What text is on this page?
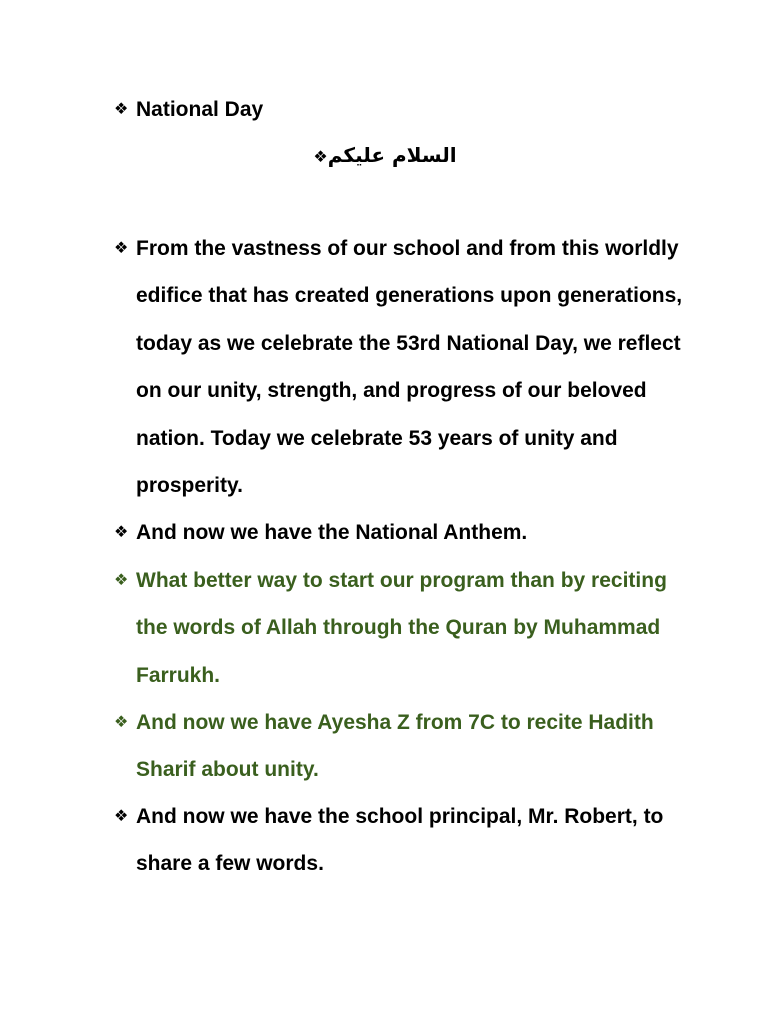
❖ National Day
❖السلام عليكم
❖ From the vastness of our school and from this worldly edifice that has created generations upon generations, today as we celebrate the 53rd National Day, we reflect on our unity, strength, and progress of our beloved nation. Today we celebrate 53 years of unity and prosperity.
❖ And now we have the National Anthem.
❖ What better way to start our program than by reciting the words of Allah through the Quran by Muhammad Farrukh.
❖ And now we have Ayesha Z from 7C to recite Hadith Sharif about unity.
❖ And now we have the school principal, Mr. Robert, to share a few words.
